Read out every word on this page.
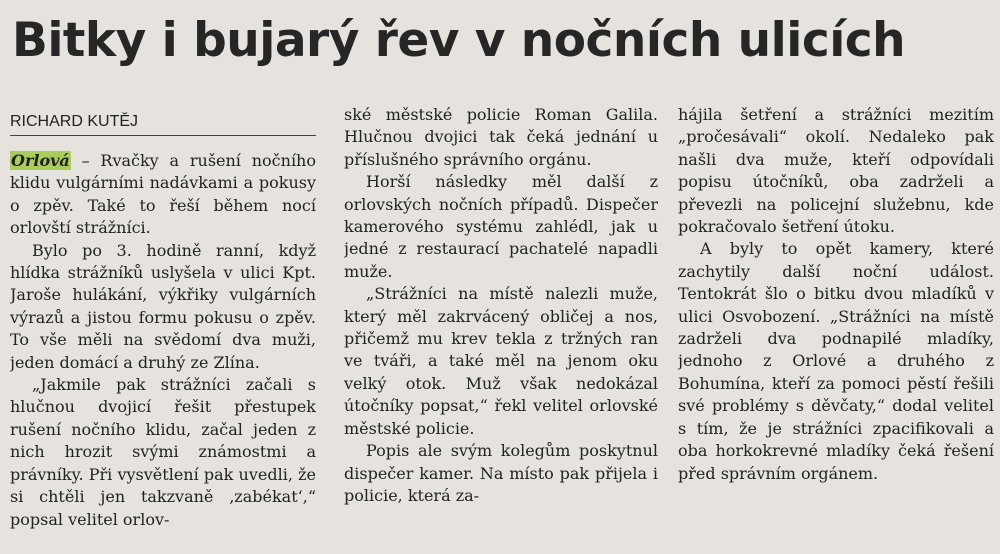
Bitky i bujarý řev v nočních ulicích
RICHARD KUTĚJ

Orlová – Rvačky a rušení nočního klidu vulgárními nadávkami a pokusy o zpěv. Také to řeší během nocí orlovští strážníci.

Bylo po 3. hodině ranní, když hlídka strážníků uslyšela v ulici Kpt. Jaroše hulákání, výkřiky vulgárních výrazů a jistou formu pokusu o zpěv. To vše měli na svědomí dva muži, jeden domácí a druhý ze Zlína.

„Jakmile pak strážníci začali s hlučnou dvojicí řešit přestupek rušení nočního klidu, začal jeden z nich hrozit svými známostmi a právníky. Při vysvětlení pak uvedli, že si chtěli jen takzvaně ‚zabékat‘,“ popsal velitel orlov-

ské městské policie Roman Galila. Hlučnou dvojici tak čeká jednání u příslušného správního orgánu.

Horší následky měl další z orlovských nočních případů. Dispečer kamerového systému zahlédl, jak u jedné z restaurací pachatelé napadli muže.

„Strážníci na místě nalezli muže, který měl zakrvácený obličej a nos, přičemž mu krev tekla z tržných ran ve tváři, a také měl na jenom oku velký otok. Muž však nedokázal útočníky popsat,“ řekl velitel orlovské městské policie.

Popis ale svým kolegům poskytnul dispečer kamer. Na místo pak přijela i policie, která za-

hájila šetření a strážníci mezitím „pročesávali“ okolí. Nedaleko pak našli dva muže, kteří odpovídali popisu útočníků, oba zadrželi a převezli na policejní služebnu, kde pokračovalo šetření útoku.

A byly to opět kamery, které zachytily další noční událost. Tentokrát šlo o bitku dvou mladíků v ulici Osvobození. „Strážníci na místě zadrželi dva podnapilé mladíky, jednoho z Orlové a druhého z Bohumína, kteří za pomoci pěstí řešili své problémy s děvčaty,“ dodal velitel s tím, že je strážníci zpacifikovali a oba horkokrevné mladíky čeká řešení před správním orgánem.
